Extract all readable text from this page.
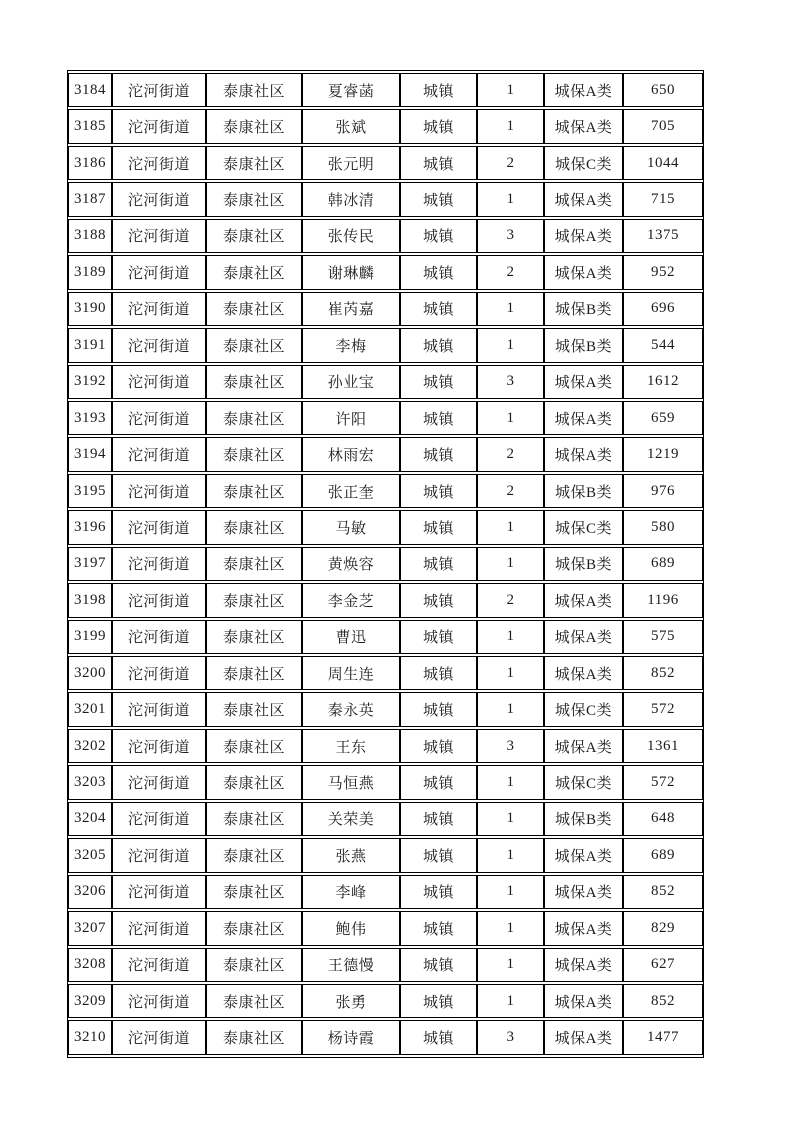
3184	沱河街道	泰康社区	夏睿菡	城镇	1	城保A类	650
3185	沱河街道	泰康社区	张斌	城镇	1	城保A类	705
3186	沱河街道	泰康社区	张元明	城镇	2	城保C类	1044
3187	沱河街道	泰康社区	韩冰清	城镇	1	城保A类	715
3188	沱河街道	泰康社区	张传民	城镇	3	城保A类	1375
3189	沱河街道	泰康社区	谢琳麟	城镇	2	城保A类	952
3190	沱河街道	泰康社区	崔芮嘉	城镇	1	城保B类	696
3191	沱河街道	泰康社区	李梅	城镇	1	城保B类	544
3192	沱河街道	泰康社区	孙业宝	城镇	3	城保A类	1612
3193	沱河街道	泰康社区	许阳	城镇	1	城保A类	659
3194	沱河街道	泰康社区	林雨宏	城镇	2	城保A类	1219
3195	沱河街道	泰康社区	张正奎	城镇	2	城保B类	976
3196	沱河街道	泰康社区	马敏	城镇	1	城保C类	580
3197	沱河街道	泰康社区	黄焕容	城镇	1	城保B类	689
3198	沱河街道	泰康社区	李金芝	城镇	2	城保A类	1196
3199	沱河街道	泰康社区	曹迅	城镇	1	城保A类	575
3200	沱河街道	泰康社区	周生连	城镇	1	城保A类	852
3201	沱河街道	泰康社区	秦永英	城镇	1	城保C类	572
3202	沱河街道	泰康社区	王东	城镇	3	城保A类	1361
3203	沱河街道	泰康社区	马恒燕	城镇	1	城保C类	572
3204	沱河街道	泰康社区	关荣美	城镇	1	城保B类	648
3205	沱河街道	泰康社区	张燕	城镇	1	城保A类	689
3206	沱河街道	泰康社区	李峰	城镇	1	城保A类	852
3207	沱河街道	泰康社区	鲍伟	城镇	1	城保A类	829
3208	沱河街道	泰康社区	王德慢	城镇	1	城保A类	627
3209	沱河街道	泰康社区	张勇	城镇	1	城保A类	852
3210	沱河街道	泰康社区	杨诗霞	城镇	3	城保A类	1477
